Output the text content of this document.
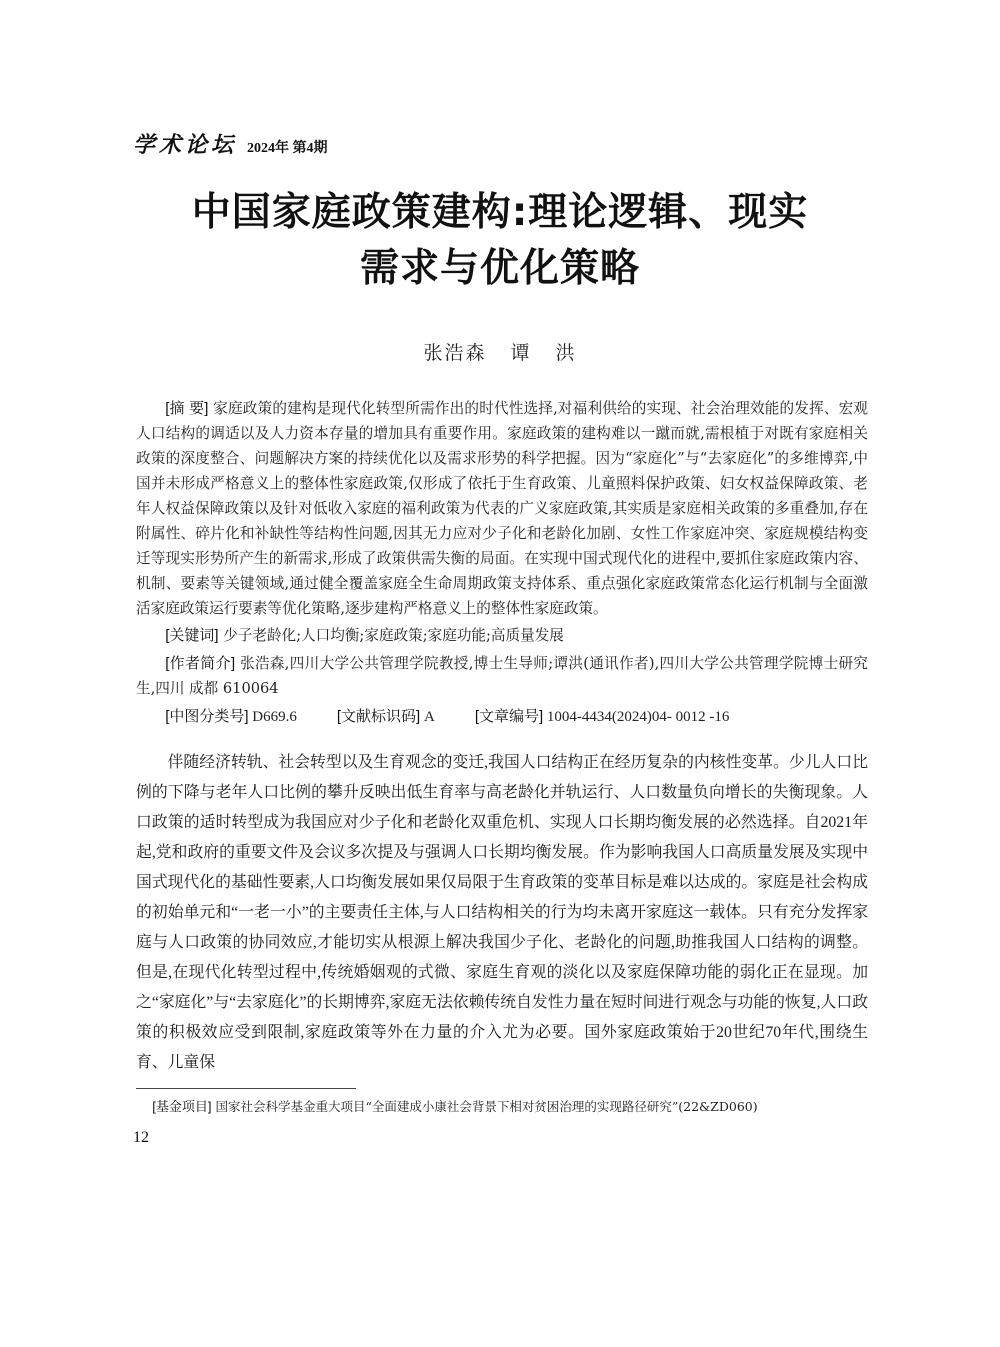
学术论坛 2024年 第4期
中国家庭政策建构:理论逻辑、现实
需求与优化策略
张浩森 谭 洪

[摘 要] 家庭政策的建构是现代化转型所需作出的时代性选择,对福利供给的实现、社会治理效能的发挥、宏观人口结构的调适以及人力资本存量的增加具有重要作用。家庭政策的建构难以一蹴而就,需根植于对既有家庭相关政策的深度整合、问题解决方案的持续优化以及需求形势的科学把握。因为“家庭化”与“去家庭化”的多维博弈,中国并未形成严格意义上的整体性家庭政策,仅形成了依托于生育政策、儿童照料保护政策、妇女权益保障政策、老年人权益保障政策以及针对低收入家庭的福利政策为代表的广义家庭政策,其实质是家庭相关政策的多重叠加,存在附属性、碎片化和补缺性等结构性问题,因其无力应对少子化和老龄化加剧、女性工作家庭冲突、家庭规模结构变迁等现实形势所产生的新需求,形成了政策供需失衡的局面。在实现中国式现代化的进程中,要抓住家庭政策内容、机制、要素等关键领域,通过健全覆盖家庭全生命周期政策支持体系、重点强化家庭政策常态化运行机制与全面激活家庭政策运行要素等优化策略,逐步建构严格意义上的整体性家庭政策。

[关键词] 少子老龄化;人口均衡;家庭政策;家庭功能;高质量发展

[作者简介] 张浩森,四川大学公共管理学院教授,博士生导师;谭洪(通讯作者),四川大学公共管理学院博士研究生,四川 成都 610064

[中图分类号] D669.6	[文献标识码] A	[文章编号] 1004-4434(2024)04- 0012 -16

伴随经济转轨、社会转型以及生育观念的变迁,我国人口结构正在经历复杂的内核性变革。少儿人口比例的下降与老年人口比例的攀升反映出低生育率与高老龄化并轨运行、人口数量负向增长的失衡现象。人口政策的适时转型成为我国应对少子化和老龄化双重危机、实现人口长期均衡发展的必然选择。自2021年起,党和政府的重要文件及会议多次提及与强调人口长期均衡发展。作为影响我国人口高质量发展及实现中国式现代化的基础性要素,人口均衡发展如果仅局限于生育政策的变革目标是难以达成的。家庭是社会构成的初始单元和“一老一小”的主要责任主体,与人口结构相关的行为均未离开家庭这一载体。只有充分发挥家庭与人口政策的协同效应,才能切实从根源上解决我国少子化、老龄化的问题,助推我国人口结构的调整。但是,在现代化转型过程中,传统婚姻观的式微、家庭生育观的淡化以及家庭保障功能的弱化正在显现。加之“家庭化”与“去家庭化”的长期博弈,家庭无法依赖传统自发性力量在短时间进行观念与功能的恢复,人口政策的积极效应受到限制,家庭政策等外在力量的介入尤为必要。国外家庭政策始于20世纪70年代,围绕生育、儿童保

[基金项目] 国家社会科学基金重大项目“全面建成小康社会背景下相对贫困治理的实现路径研究”(22&ZD060)
12
